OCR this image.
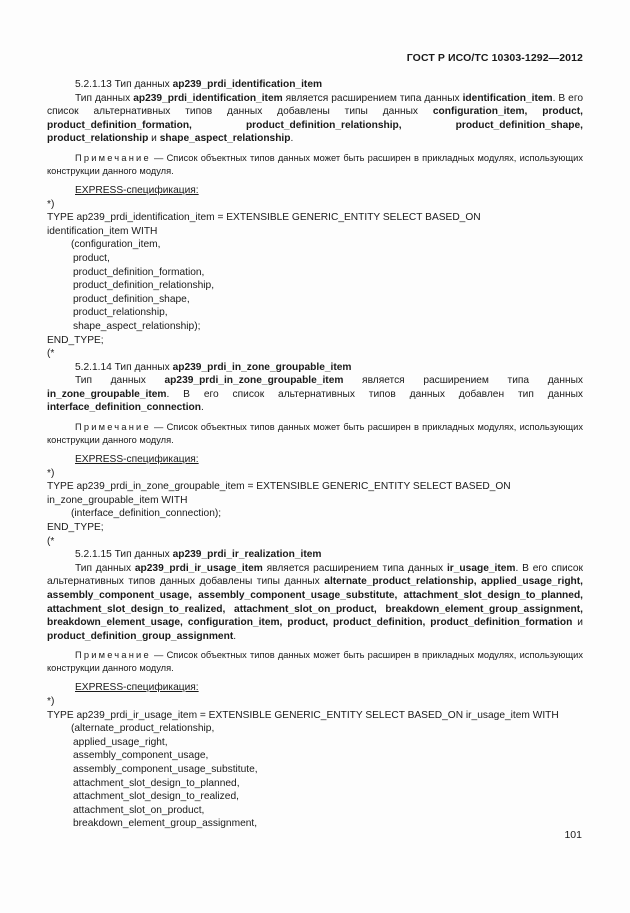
ГОСТ Р ИСО/ТС 10303-1292—2012
5.2.1.13 Тип данных ap239_prdi_identification_item
Тип данных ap239_prdi_identification_item является расширением типа данных identification_item. В его список альтернативных типов данных добавлены типы данных configuration_item, product, product_definition_formation, product_definition_relationship, product_definition_shape, product_relationship и shape_aspect_relationship.
Примечание — Список объектных типов данных может быть расширен в прикладных модулях, использующих конструкции данного модуля.
EXPRESS-спецификация:
*)
TYPE ap239_prdi_identification_item = EXTENSIBLE GENERIC_ENTITY SELECT BASED_ON
identification_item WITH
(configuration_item,
product,
product_definition_formation,
product_definition_relationship,
product_definition_shape,
product_relationship,
shape_aspect_relationship);
END_TYPE;
(*
5.2.1.14 Тип данных ap239_prdi_in_zone_groupable_item
Тип данных ap239_prdi_in_zone_groupable_item является расширением типа данных in_zone_groupable_item. В его список альтернативных типов данных добавлен тип данных interface_definition_connection.
Примечание — Список объектных типов данных может быть расширен в прикладных модулях, использующих конструкции данного модуля.
EXPRESS-спецификация:
*)
TYPE ap239_prdi_in_zone_groupable_item = EXTENSIBLE GENERIC_ENTITY SELECT BASED_ON
in_zone_groupable_item WITH
(interface_definition_connection);
END_TYPE;
(*
5.2.1.15 Тип данных ap239_prdi_ir_realization_item
Тип данных ap239_prdi_ir_usage_item является расширением типа данных ir_usage_item. В его список альтернативных типов данных добавлены типы данных alternate_product_relationship, applied_usage_right, assembly_component_usage, assembly_component_usage_substitute, attachment_slot_design_to_planned, attachment_slot_design_to_realized, attachment_slot_on_product, breakdown_element_group_assignment, breakdown_element_usage, configuration_item, product, product_definition, product_definition_formation и product_definition_group_assignment.
Примечание — Список объектных типов данных может быть расширен в прикладных модулях, использующих конструкции данного модуля.
EXPRESS-спецификация:
*)
TYPE ap239_prdi_ir_usage_item = EXTENSIBLE GENERIC_ENTITY SELECT BASED_ON ir_usage_item WITH
(alternate_product_relationship,
applied_usage_right,
assembly_component_usage,
assembly_component_usage_substitute,
attachment_slot_design_to_planned,
attachment_slot_design_to_realized,
attachment_slot_on_product,
breakdown_element_group_assignment,
101
